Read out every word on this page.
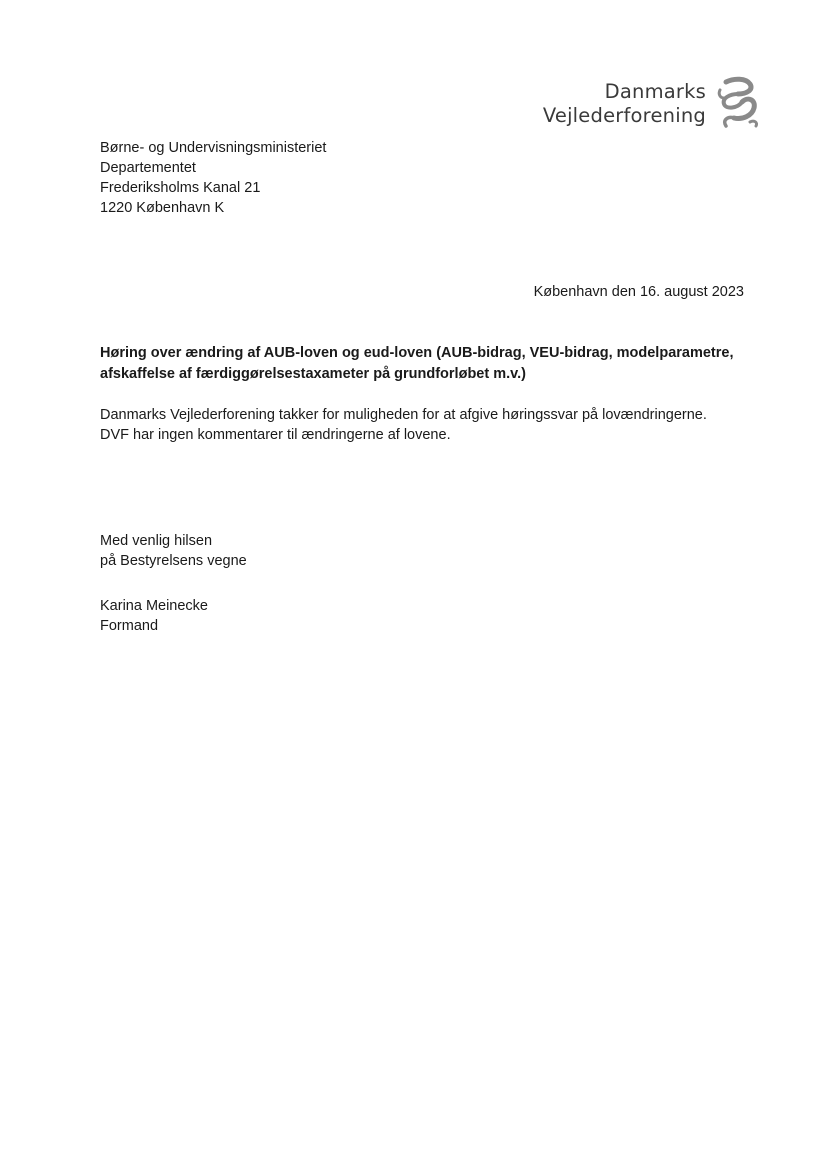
Danmarks
Vejlederforening
Børne- og Undervisningsministeriet
Departementet
Frederiksholms Kanal 21
1220 København K
København den 16. august 2023
Høring over ændring af AUB-loven og eud-loven (AUB-bidrag, VEU-bidrag, modelparametre, afskaffelse af færdiggørelsestaxameter på grundforløbet m.v.)
Danmarks Vejlederforening takker for muligheden for at afgive høringssvar på lovændringerne.
DVF har ingen kommentarer til ændringerne af lovene.
Med venlig hilsen
på Bestyrelsens vegne
Karina Meinecke
Formand
